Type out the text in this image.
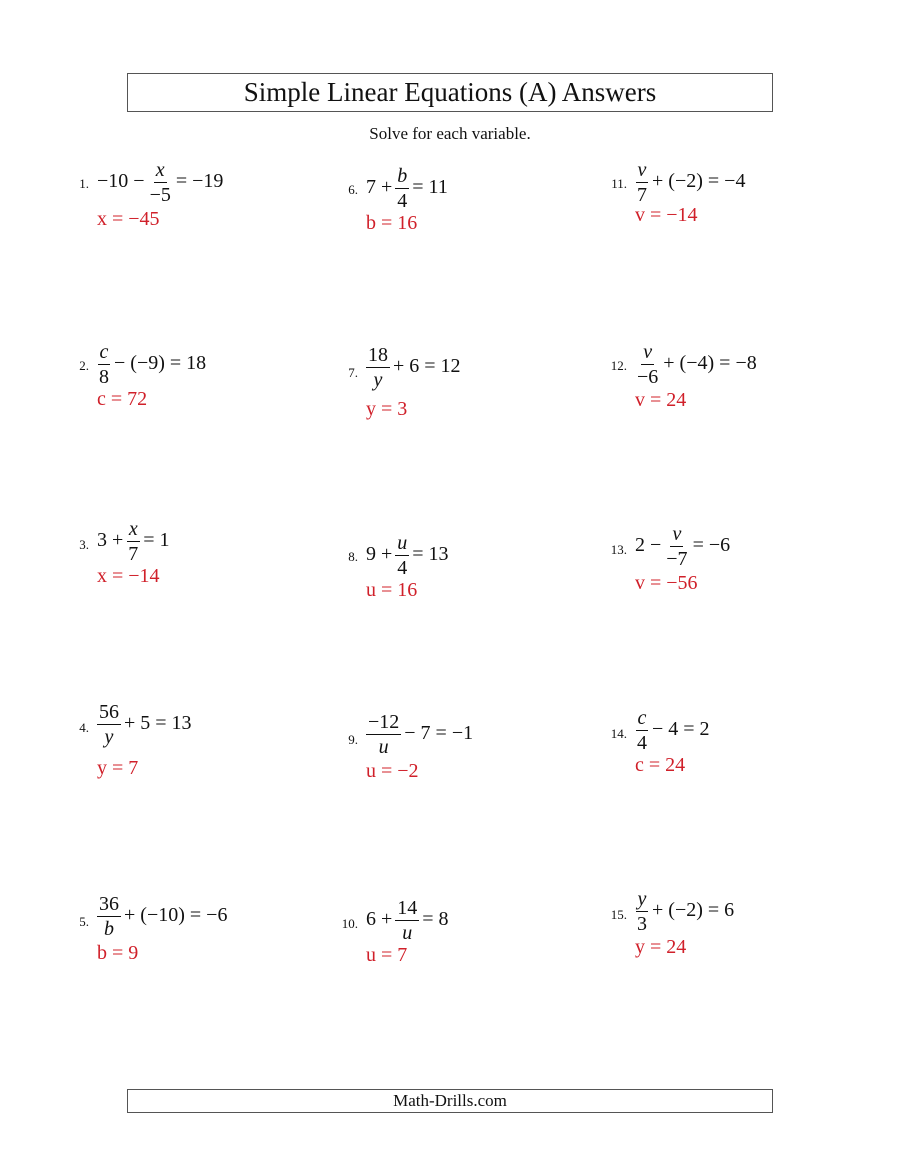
Simple Linear Equations (A) Answers
Solve for each variable.
1. $-10 - \frac{x}{-5} = -19$
x = −45
2. $\frac{c}{8} - (-9) = 18$
c = 72
3. $3 + \frac{x}{7} = 1$
x = −14
4. $\frac{56}{y} + 5 = 13$
y = 7
5. $\frac{36}{b} + (-10) = -6$
b = 9
6. $7 + \frac{b}{4} = 11$
b = 16
7. $\frac{18}{y} + 6 = 12$
y = 3
8. $9 + \frac{u}{4} = 13$
u = 16
9. $\frac{-12}{u} - 7 = -1$
u = −2
10. $6 + \frac{14}{u} = 8$
u = 7
11. $\frac{v}{7} + (-2) = -4$
v = −14
12. $\frac{v}{-6} + (-4) = -8$
v = 24
13. $2 - \frac{v}{-7} = -6$
v = −56
14. $\frac{c}{4} - 4 = 2$
c = 24
15. $\frac{y}{3} + (-2) = 6$
y = 24
Math-Drills.com
